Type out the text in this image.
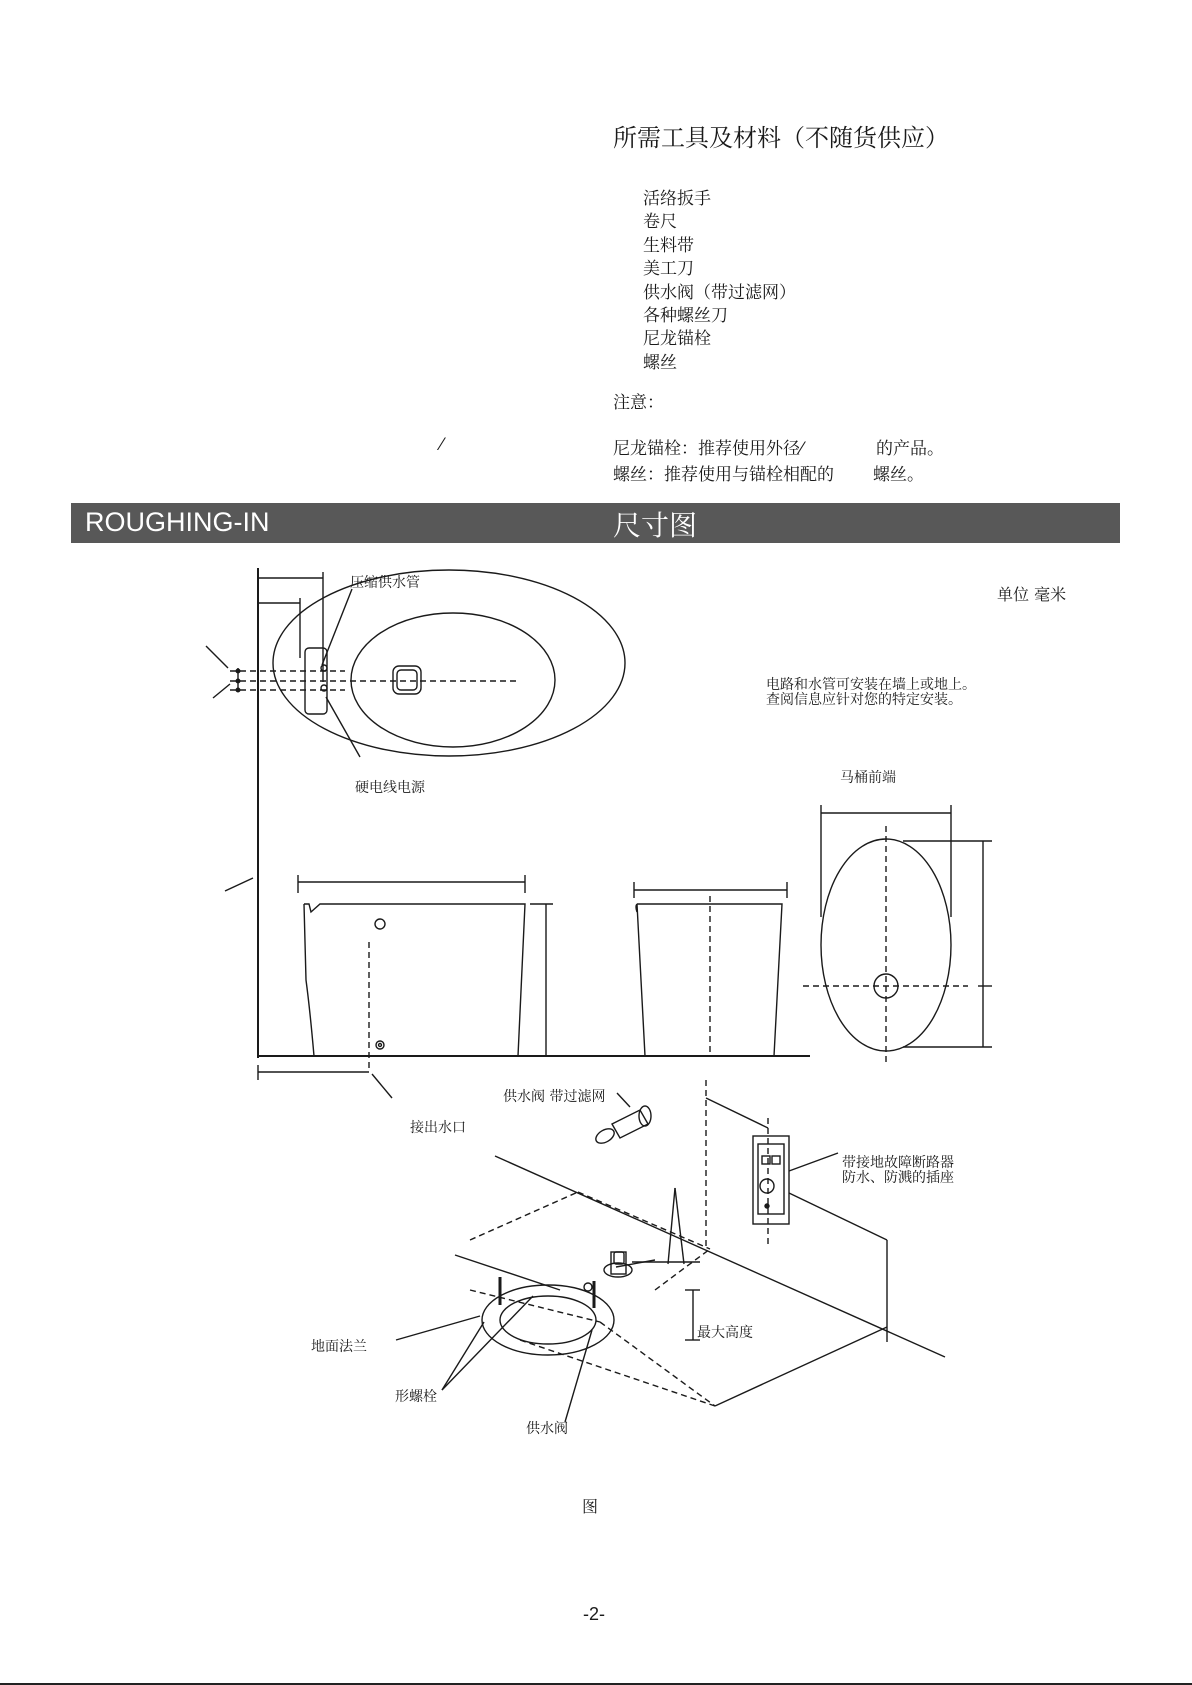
所需工具及材料（不随货供应）
活络扳手
卷尺
生料带
美工刀
供水阀（带过滤网）
各种螺丝刀
尼龙锚栓
螺丝
注意：
尼龙锚栓：推荐使用外径⁄	的产品。
螺丝：推荐使用与锚栓相配的 螺丝。
⁄
ROUGHING-IN	尺寸图
压缩供水管
硬电线电源
单位 毫米
电路和水管可安装在墙上或地上。
查阅信息应针对您的特定安装。
马桶前端
接出水口
供水阀 带过滤网
带接地故障断路器
防水、防溅的插座
地面法兰
形螺栓
供水阀
最大高度
图
-2-
